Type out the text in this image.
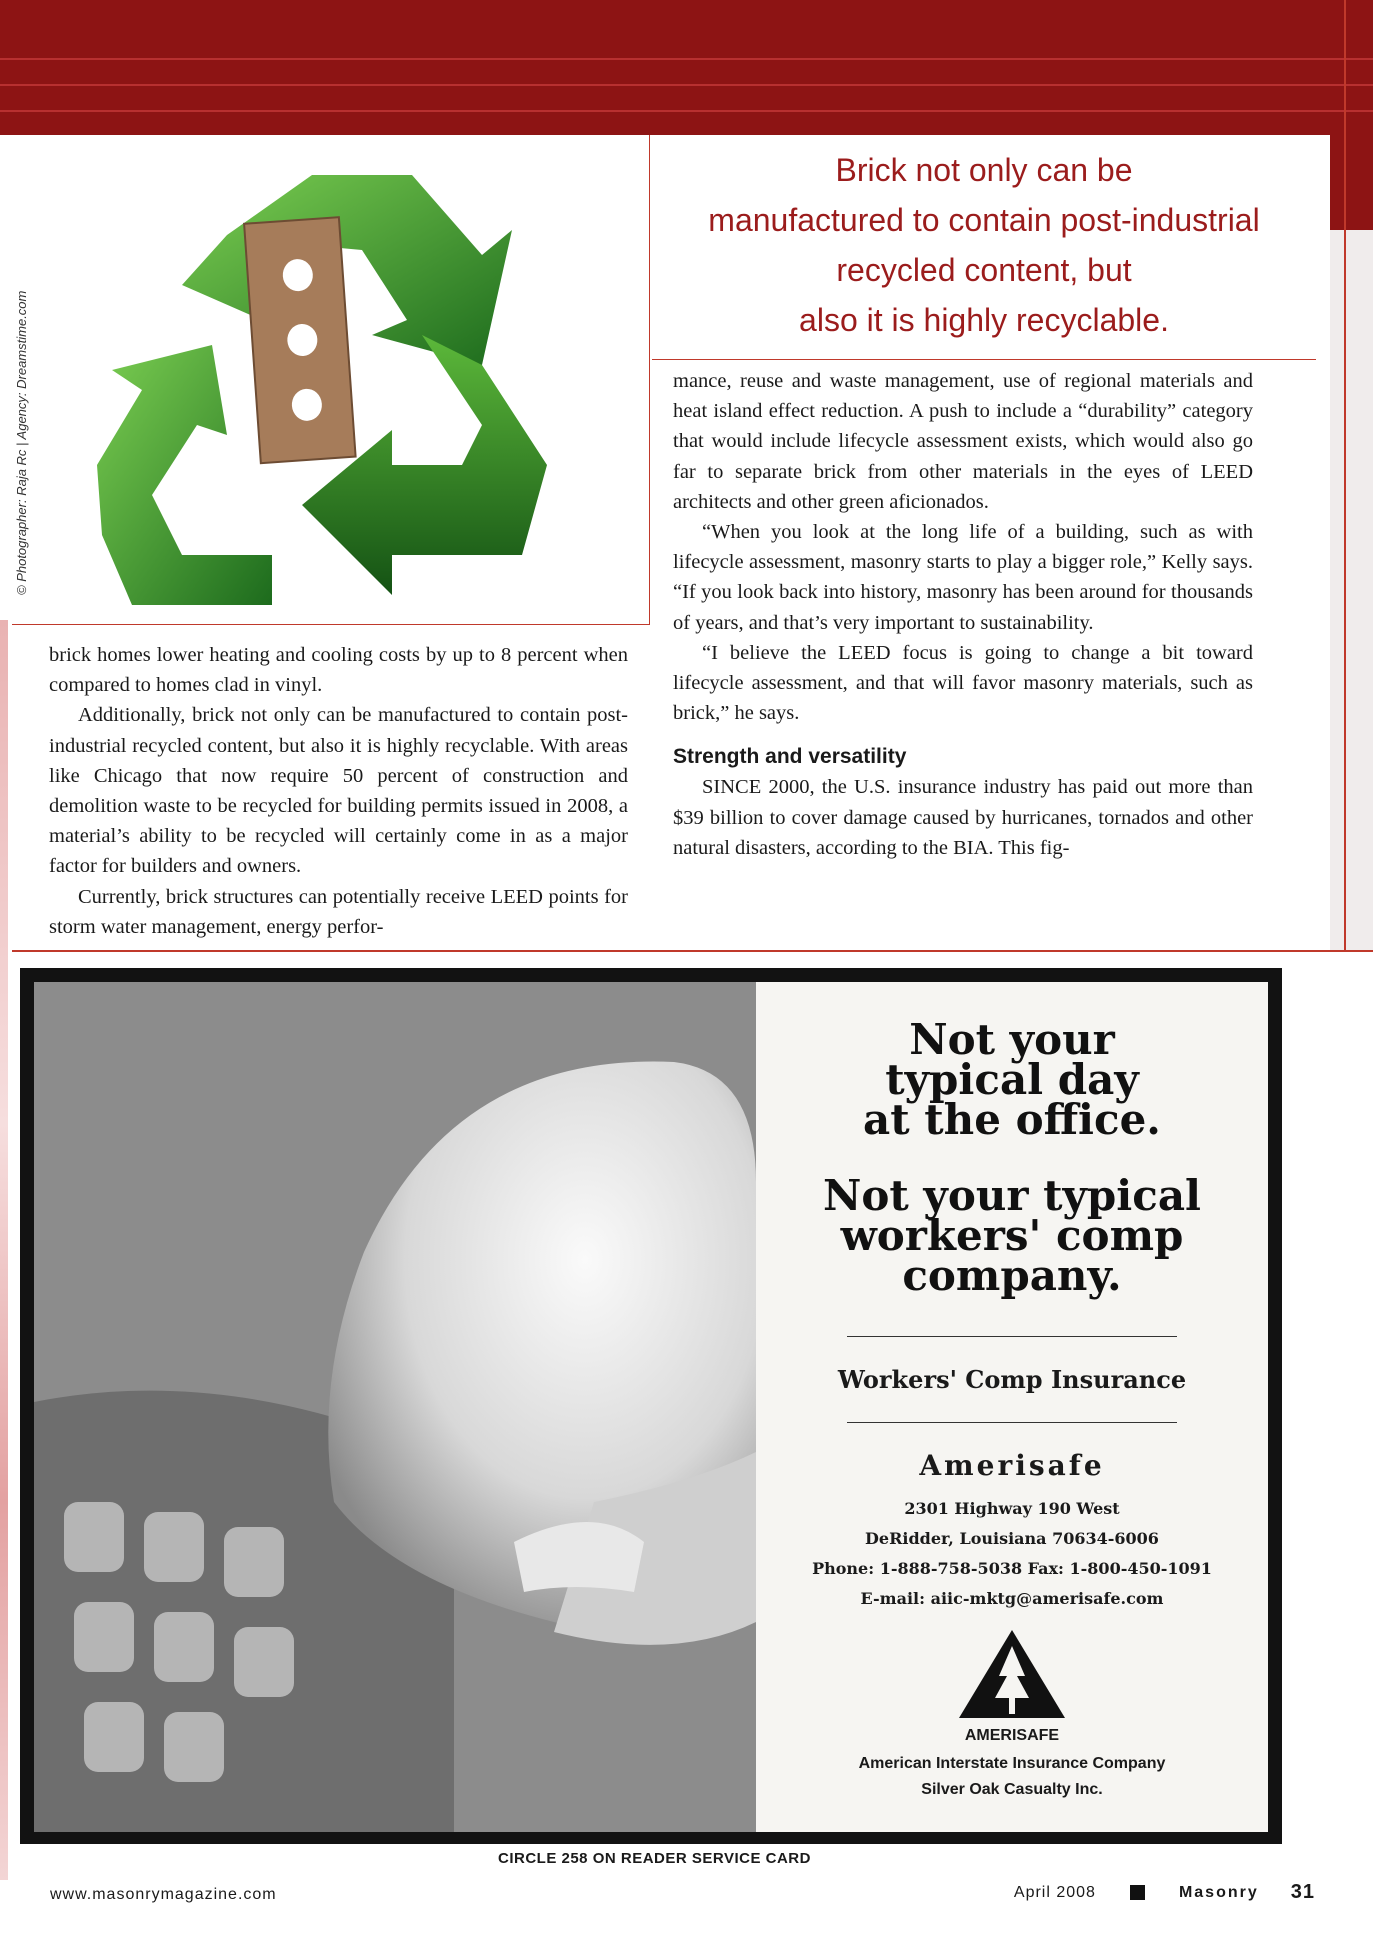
© Photographer: Raja Rc | Agency: Dreamstime.com

Brick not only can be

manufactured to contain post-industrial

recycled content, but

also it is highly recyclable.

brick homes lower heating and cooling costs by up to 8 percent when compared to homes clad in vinyl.

Additionally, brick not only can be manufactured to contain post-industrial recycled content, but also it is highly recyclable. With areas like Chicago that now require 50 percent of construction and demolition waste to be recycled for building permits issued in 2008, a material’s ability to be recycled will certainly come in as a major factor for builders and owners.

Currently, brick structures can potentially receive LEED points for storm water management, energy perfor-

mance, reuse and waste management, use of regional materials and heat island effect reduction. A push to include a “durability” category that would include lifecycle assessment exists, which would also go far to separate brick from other materials in the eyes of LEED architects and other green aficionados.

“When you look at the long life of a building, such as with lifecycle assessment, masonry starts to play a bigger role,” Kelly says. “If you look back into history, masonry has been around for thousands of years, and that’s very important to sustainability.

“I believe the LEED focus is going to change a bit toward lifecycle assessment, and that will favor masonry materials, such as brick,” he says.

Strength and versatility

SINCE 2000, the U.S. insurance industry has paid out more than $39 billion to cover damage caused by hurricanes, tornados and other natural disasters, according to the BIA. This fig-

Not your
typical day
at the office.
Not your typical
workers' comp
company.
Workers' Comp Insurance
Amerisafe
2301 Highway 190 West
DeRidder, Louisiana 70634-6006
Phone: 1-888-758-5038 Fax: 1-800-450-1091
E-mail: aiic-mktg@amerisafe.com
AMERISAFE
American Interstate Insurance Company
Silver Oak Casualty Inc.
CIRCLE 258 ON READER SERVICE CARD
www.masonrymagazine.com	April 2008	Masonry 31
